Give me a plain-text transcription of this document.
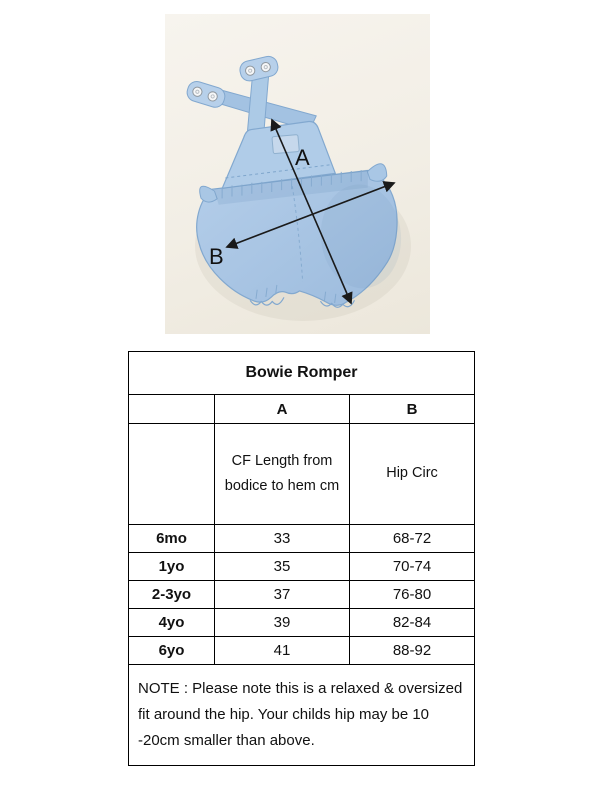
A
B
Bowie Romper		
	A	B
	CF Length from bodice to hem cm	Hip Circ
6mo	33	68-72
1yo	35	70-74
2-3yo	37	76-80
4yo	39	82-84
6yo	41	88-92
NOTE : Please note this is a relaxed & oversized fit around the hip. Your childs hip may be 10 -20cm smaller than above.		
